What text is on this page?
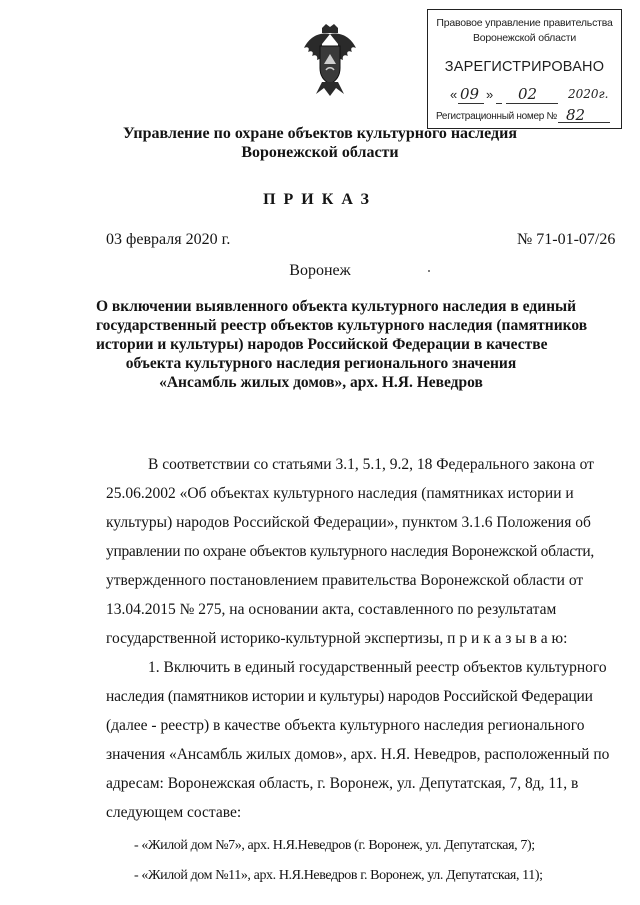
Правовое управление правительства
Воронежской области
ЗАРЕГИСТРИРОВАНО
« 09 » 02	2020г.
Регистрационный номер № 82
Управление по охране объектов культурного наследия
Воронежской области
ПРИКАЗ
03 февраля 2020 г.	№ 71-01-07/26
Воронеж
О включении выявленного объекта культурного наследия в единый
государственный реестр объектов культурного наследия (памятников
истории и культуры) народов Российской Федерации в качестве
объекта культурного наследия регионального значения
«Ансамбль жилых домов», арх. Н.Я. Неведров
В соответствии со статьями 3.1, 5.1, 9.2, 18 Федерального закона от
25.06.2002 «Об объектах культурного наследия (памятниках истории и
культуры) народов Российской Федерации», пунктом 3.1.6 Положения об
управлении по охране объектов культурного наследия Воронежской области,
утвержденного постановлением правительства Воронежской области от
13.04.2015 № 275, на основании акта, составленного по результатам
государственной историко-культурной экспертизы, п р и к а з ы в а ю:
1. Включить в единый государственный реестр объектов культурного
наследия (памятников истории и культуры) народов Российской Федерации
(далее - реестр) в качестве объекта культурного наследия регионального
значения «Ансамбль жилых домов», арх. Н.Я. Неведров, расположенный по
адресам: Воронежская область, г. Воронеж, ул. Депутатская, 7, 8д, 11, в
следующем составе:
- «Жилой дом №7», арх. Н.Я.Неведров (г. Воронеж, ул. Депутатская, 7);
- «Жилой дом №11», арх. Н.Я.Неведров г. Воронеж, ул. Депутатская, 11);
